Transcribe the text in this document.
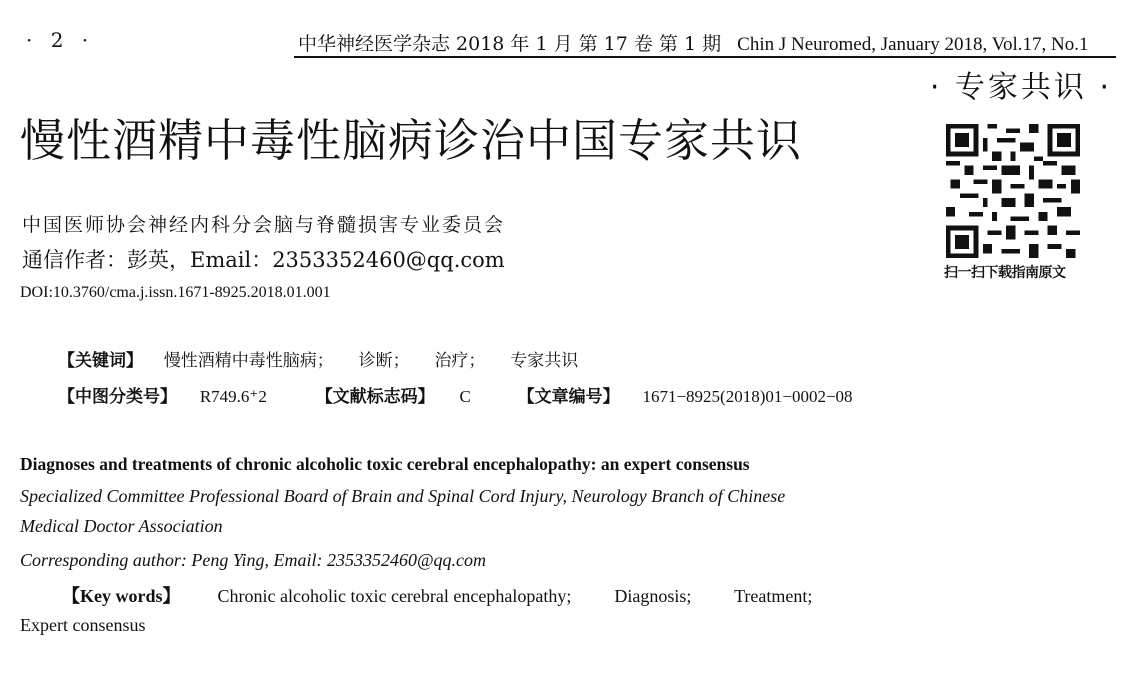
· 2 ·	中华神经医学杂志 2018 年 1 月 第 17 卷 第 1 期 Chin J Neuromed, January 2018, Vol.17, No.1
· 专家共识 ·
慢性酒精中毒性脑病诊治中国专家共识
扫一扫下载指南原文
中国医师协会神经内科分会脑与脊髓损害专业委员会
通信作者：彭英，Email：2353352460@qq.com
DOI:10.3760/cma.j.issn.1671-8925.2018.01.001
【关键词】 慢性酒精中毒性脑病； 诊断； 治疗； 专家共识
【中图分类号】 R749.6⁺2	【文献标志码】 C	【文章编号】 1671−8925(2018)01−0002−08
Diagnoses and treatments of chronic alcoholic toxic cerebral encephalopathy: an expert consensus
Specialized Committee Professional Board of Brain and Spinal Cord Injury, Neurology Branch of Chinese
Medical Doctor Association
Corresponding author: Peng Ying, Email: 2353352460@qq.com
【Key words】 Chronic alcoholic toxic cerebral encephalopathy; Diagnosis; Treatment;
Expert consensus
